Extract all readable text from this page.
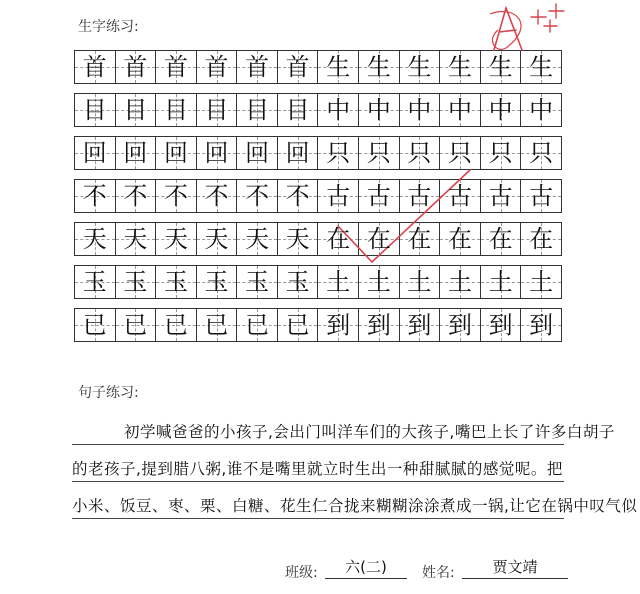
生字练习:
首 首 首 首 首 首 生 生 生 生 生 生
目 目 目 目 目 目 中 中 中 中 中 中
回 回 回 回 回 回 只 只 只 只 只 只
不 不 不 不 不 不 古 古 古 古 古 古
天 天 天 天 天 天 在 在 在 在 在 在
玉 玉 玉 玉 玉 玉 土 土 土 土 土 土
已 已 已 已 已 已 到 到 到 到 到 到
句子练习:
初学喊爸爸的小孩子,会出门叫洋车们的大孩子,嘴巴上长了许多白胡子
的老孩子,提到腊八粥,谁不是嘴里就立时生出一种甜腻腻的感觉呢。把
小米、饭豆、枣、栗、白糖、花生仁合拢来糊糊涂涂煮成一锅,让它在锅中叹气似
班级:	六(二)	姓名:	贾文靖
